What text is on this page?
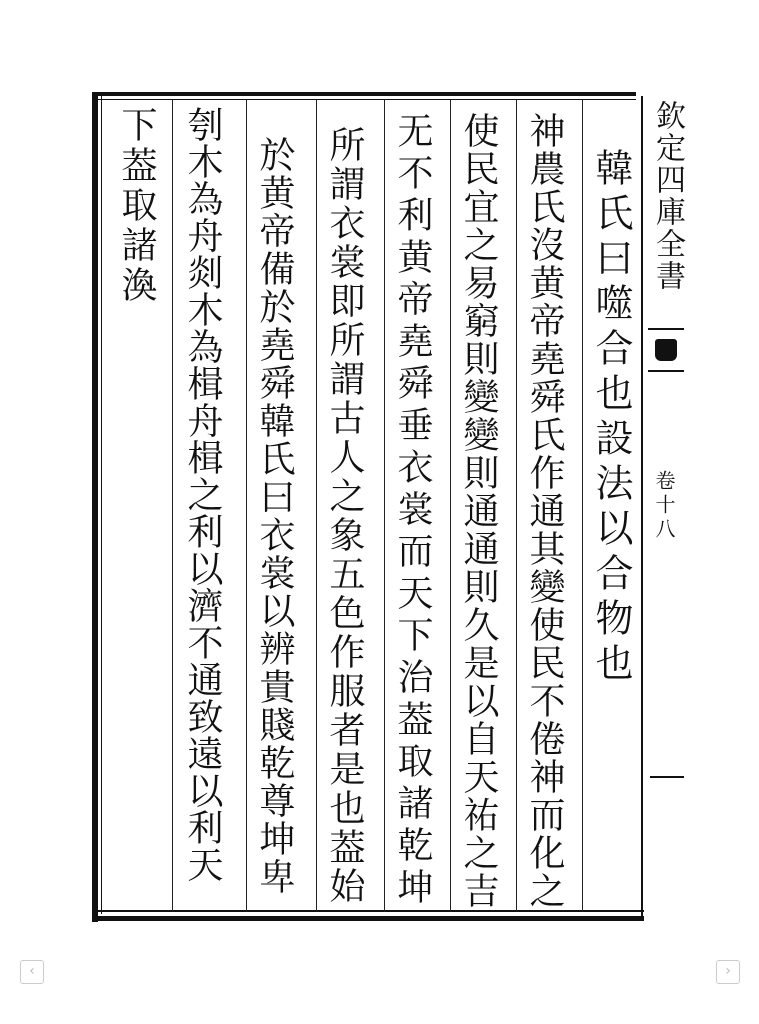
韓氏曰噬合也設法以合物也
神農氏沒黄帝堯舜氏作通其變使民不倦神而化之
使民宜之易窮則變變則通通則久是以自天祐之吉
无不利黄帝堯舜垂衣裳而天下治葢取諸乾坤
所謂衣裳即所謂古人之象五色作服者是也葢始
於黄帝備於堯舜韓氏曰衣裳以辨貴賤乾尊坤卑
刳木為舟剡木為楫舟楫之利以濟不通致遠以利天
下葢取諸渙	欽定四庫全書
卷十八
‹	›
